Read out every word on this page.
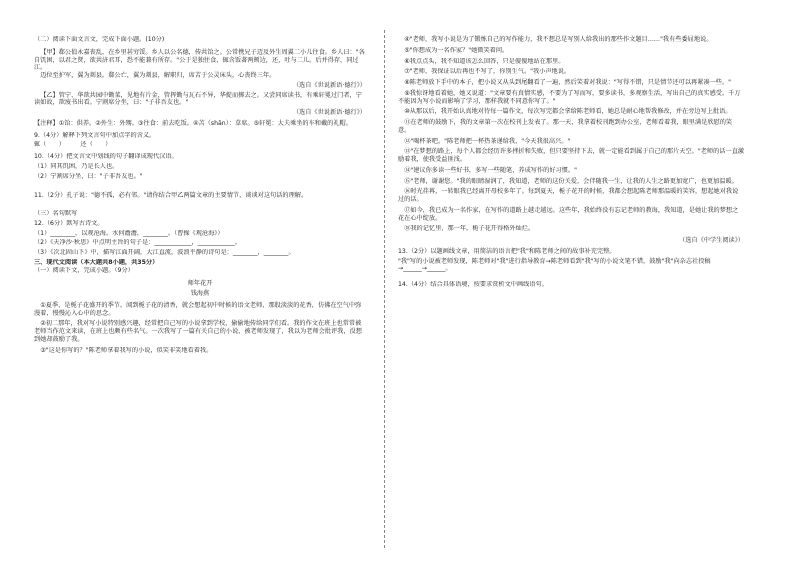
（二）阅读下面文言文，完成下面小题。(10分)
【甲】郗公值永嘉丧乱，在乡里甚穷馁。乡人以公名德，传共饴之。公常携兄子迈及外生周翼二小儿往食。乡人曰："各自饥困，以君之贤，欲共济君耳，恐不能兼有所存。"公于是独往食，辄含饭著两颊边，还，吐与二儿。后并得存，同过江。
迈位至护军，翼为剡县。郗公亡，翼为剡县，解职归，席苫于公灵床头，心丧终三年。
（选自《世说新语·德行》）
【乙】管宁、华歆共园中锄菜，见地有片金，管挥锄与瓦石不异，华捉而掷去之。又尝同席读书，有乘轩冕过门者，宁读如故，歆废书出看。宁割席分坐，曰："子非吾友也。"
（选自《世说新语·德行》）
【注释】①饴：供养。②外生：外甥。③往食：前去吃饭。④苫（shān）：草席。⑤轩冕：大夫乘坐的车和戴的礼帽。
9.（4分）解释下列文言句中加点字的含义。
辄（　　）　　　还（　　）
10.（4分）把文言文中划线的句子翻译成现代汉语。
（1）同其饥困，乃是长人也。
（2）宁割席分坐，曰："子非吾友也。"
11.（2分）孔子说："德不孤，必有邻。"请你结合甲乙两篇文章的主要情节，谈谈对这句话的理解。
（三）名句默写
12.（6分）默写古诗文。
（1）________，以观沧海。水何澹澹，________。（曹操《观沧海》）
（2）《天净沙·秋思》中点明主旨的句子是：____________，____________。
（3）《次北固山下》中，描写江面开阔，大江直流，波浪平静的诗句是：________，________。
三、现代文阅读（本大题共8小题，共35分）
（一）阅读下文，完成小题。（9分）
师年花开
钱海燕
①夏季，是栀子花盛开的季节。闻到栀子花的清香，就会想起初中时候的语文老师，那股淡淡的花香，仿佛在空气中弥漫着，慢慢沁入心中的思念。
②初二那年，我对写小说特别感兴趣，经常把自己写的小说拿到学校，偷偷地传给同学们看。我的作文在班上也常常被老师当作范文来读，在班上也颇有些名气。一次我写了一篇有关自己的小说，被老师发现了，我以为老师会批评我，没想到她却鼓励了我。
③"这是你写的？"陈老师拿着我写的小说，似笑非笑地看着我。
④"老师，我写小说是为了锻炼自己的写作能力，我不想总是写别人给我出的那些作文题目……"我有些委屈地说。
⑤"你想成为一名作家？"她微笑着问。
⑥我点点头，我不知道该怎么回答，只是傻傻地站在那里。
⑦"老师，我保证以后再也不写了，你别生气。"我小声地说。
⑧陈老师放下手中的本子，把小说又从头到尾翻看了一遍，然后笑着对我说："写得不错，只是情节还可以再紧凑一些。"
⑨我惊讶地看着她，她又说道："文章要有真情实感，不要为了写而写，要多读书，多观察生活，写出自己的真实感受。千万不能因为写小说而影响了学习，那样我就不同意你写了。"
⑩从那以后，我开始认真地对待每一篇作文，每次写完都会拿给陈老师看，她总是耐心地帮我修改，并在旁边写上批语。
⑪在老师的鼓励下，我的文章第一次在校刊上发表了。那一天，我拿着校刊跑到办公室，老师看着我，眼里满是欣慰的笑意。
⑫"喝杯茶吧。"陈老师把一杯热茶递给我，"今天我很高兴。"
⑬"在梦想的路上，每个人都会经历许多挫折和失败，但只要坚持下去，就一定能看到属于自己的那片天空。"老师的话一直激励着我，使我受益匪浅。
⑭"建议你多读一些好书，多写一些随笔，养成写作的好习惯。"
⑮"老师，谢谢您。"我的眼睛湿润了，我知道，老师的这份关爱，会伴随我一生，让我的人生之路更加宽广，也更加温暖。
⑯时光荏苒，一转眼我已经离开母校多年了。每到夏天，栀子花开的时候，我都会想起陈老师那温暖的笑容，想起她对我说过的话。
⑰如今，我已成为一名作家，在写作的道路上越走越远。这些年，我始终没有忘记老师的教诲，我知道，是她让我的梦想之花在心中绽放。
⑱我的记忆里，那一年，栀子花开得格外灿烂。
（选自《中学生阅读》）
13.（2分）以题画线文章，用简洁的语言把"我"和陈老师之间的故事补充完整。
"我"写的小说被老师发现，陈老师对"我"进行指导教育→陈老师看到"我"写的小说文笔不错，鼓励"我"向杂志社投稿→______→______。
14.（4分）结合具体语境，按要求赏析文中画线语句。
